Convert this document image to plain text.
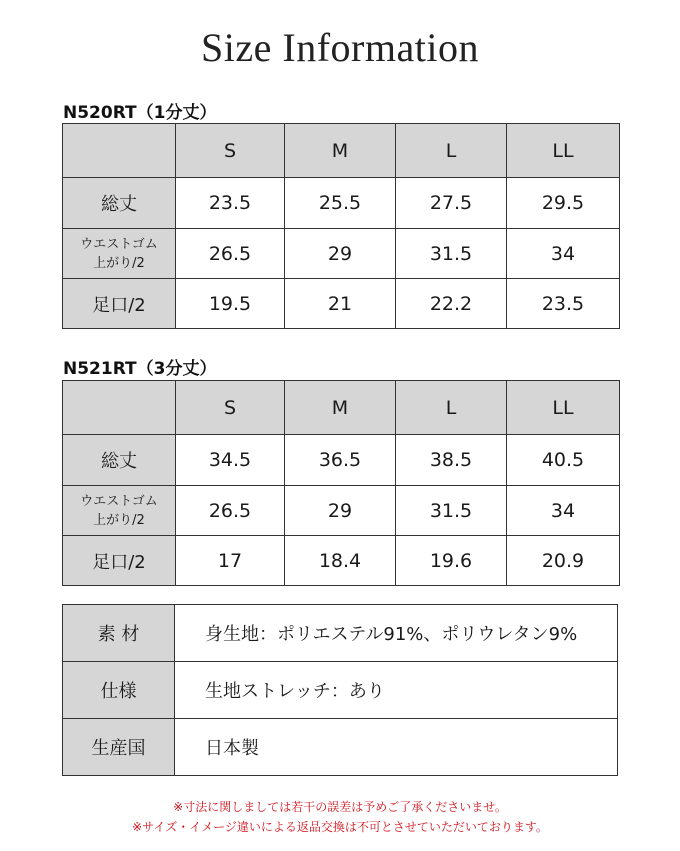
Size Information
N520RT（1分丈）
	S	M	L	LL
総丈	23.5	25.5	27.5	29.5

ウエストゴム
上がり/2	26.5	29	31.5	34
足口/2	19.5	21	22.2	23.5
N521RT（3分丈）
	S	M	L	LL
総丈	34.5	36.5	38.5	40.5

ウエストゴム
上がり/2	26.5	29	31.5	34
足口/2	17	18.4	19.6	20.9
素 材	身生地：ポリエステル91%、ポリウレタン9%
仕様	生地ストレッチ：あり
生産国	日本製
※寸法に関しましては若干の誤差は予めご了承くださいませ。
※サイズ・イメージ違いによる返品交換は不可とさせていただいております。
